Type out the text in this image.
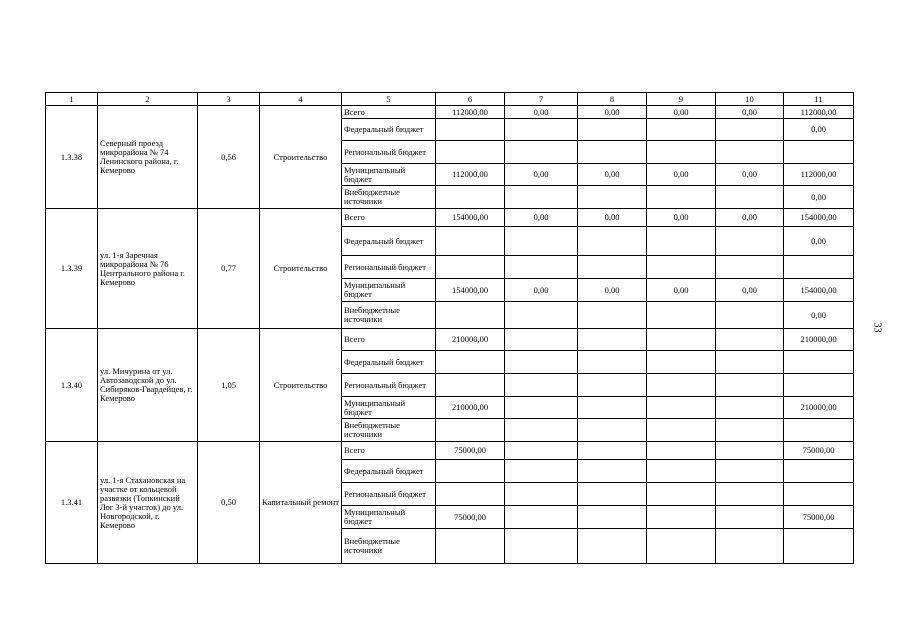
1	2	3	4	5	6	7	8	9	10	11
1.3.38	Северный проезд микрорайона № 74 Ленинского района, г. Кемерово	0,56	Строительство	Всего	112000,00	0,00	0,00	0,00	0,00	112000,00
				Федеральный бюджет						0,00
				Региональный бюджет						
				Муниципальный бюджет	112000,00	0,00	0,00	0,00	0,00	112000,00
				Внебюджетные источники						0,00
1.3.39	ул. 1-я Заречная микрорайона № 76 Центрального района г. Кемерово	0,77	Строительство	Всего	154000,00	0,00	0,00	0,00	0,00	154000,00
				Федеральный бюджет						0,00
				Региональный бюджет						
				Муниципальный бюджет	154000,00	0,00	0,00	0,00	0,00	154000,00
				Внебюджетные источники						0,00
1.3.40	ул. Мичурина от ул. Автозаводской до ул. Сибиряков-Гвардейцев, г. Кемерово	1,05	Строительство	Всего	210000,00					210000,00
				Федеральный бюджет						
				Региональный бюджет						
				Муниципальный бюджет	210000,00					210000,00
				Внебюджетные источники						
1.3.41	ул. 1-я Стахановская на участке от кольцевой развязки (Топкинский Лог 3-й участок) до ул. Новгородской, г. Кемерово	0,50	Капитальный ремонт	Всего	75000,00					75000,00
				Федеральный бюджет						
				Региональный бюджет						
				Муниципальный бюджет	75000,00					75000,00
				Внебюджетные источники						
33
